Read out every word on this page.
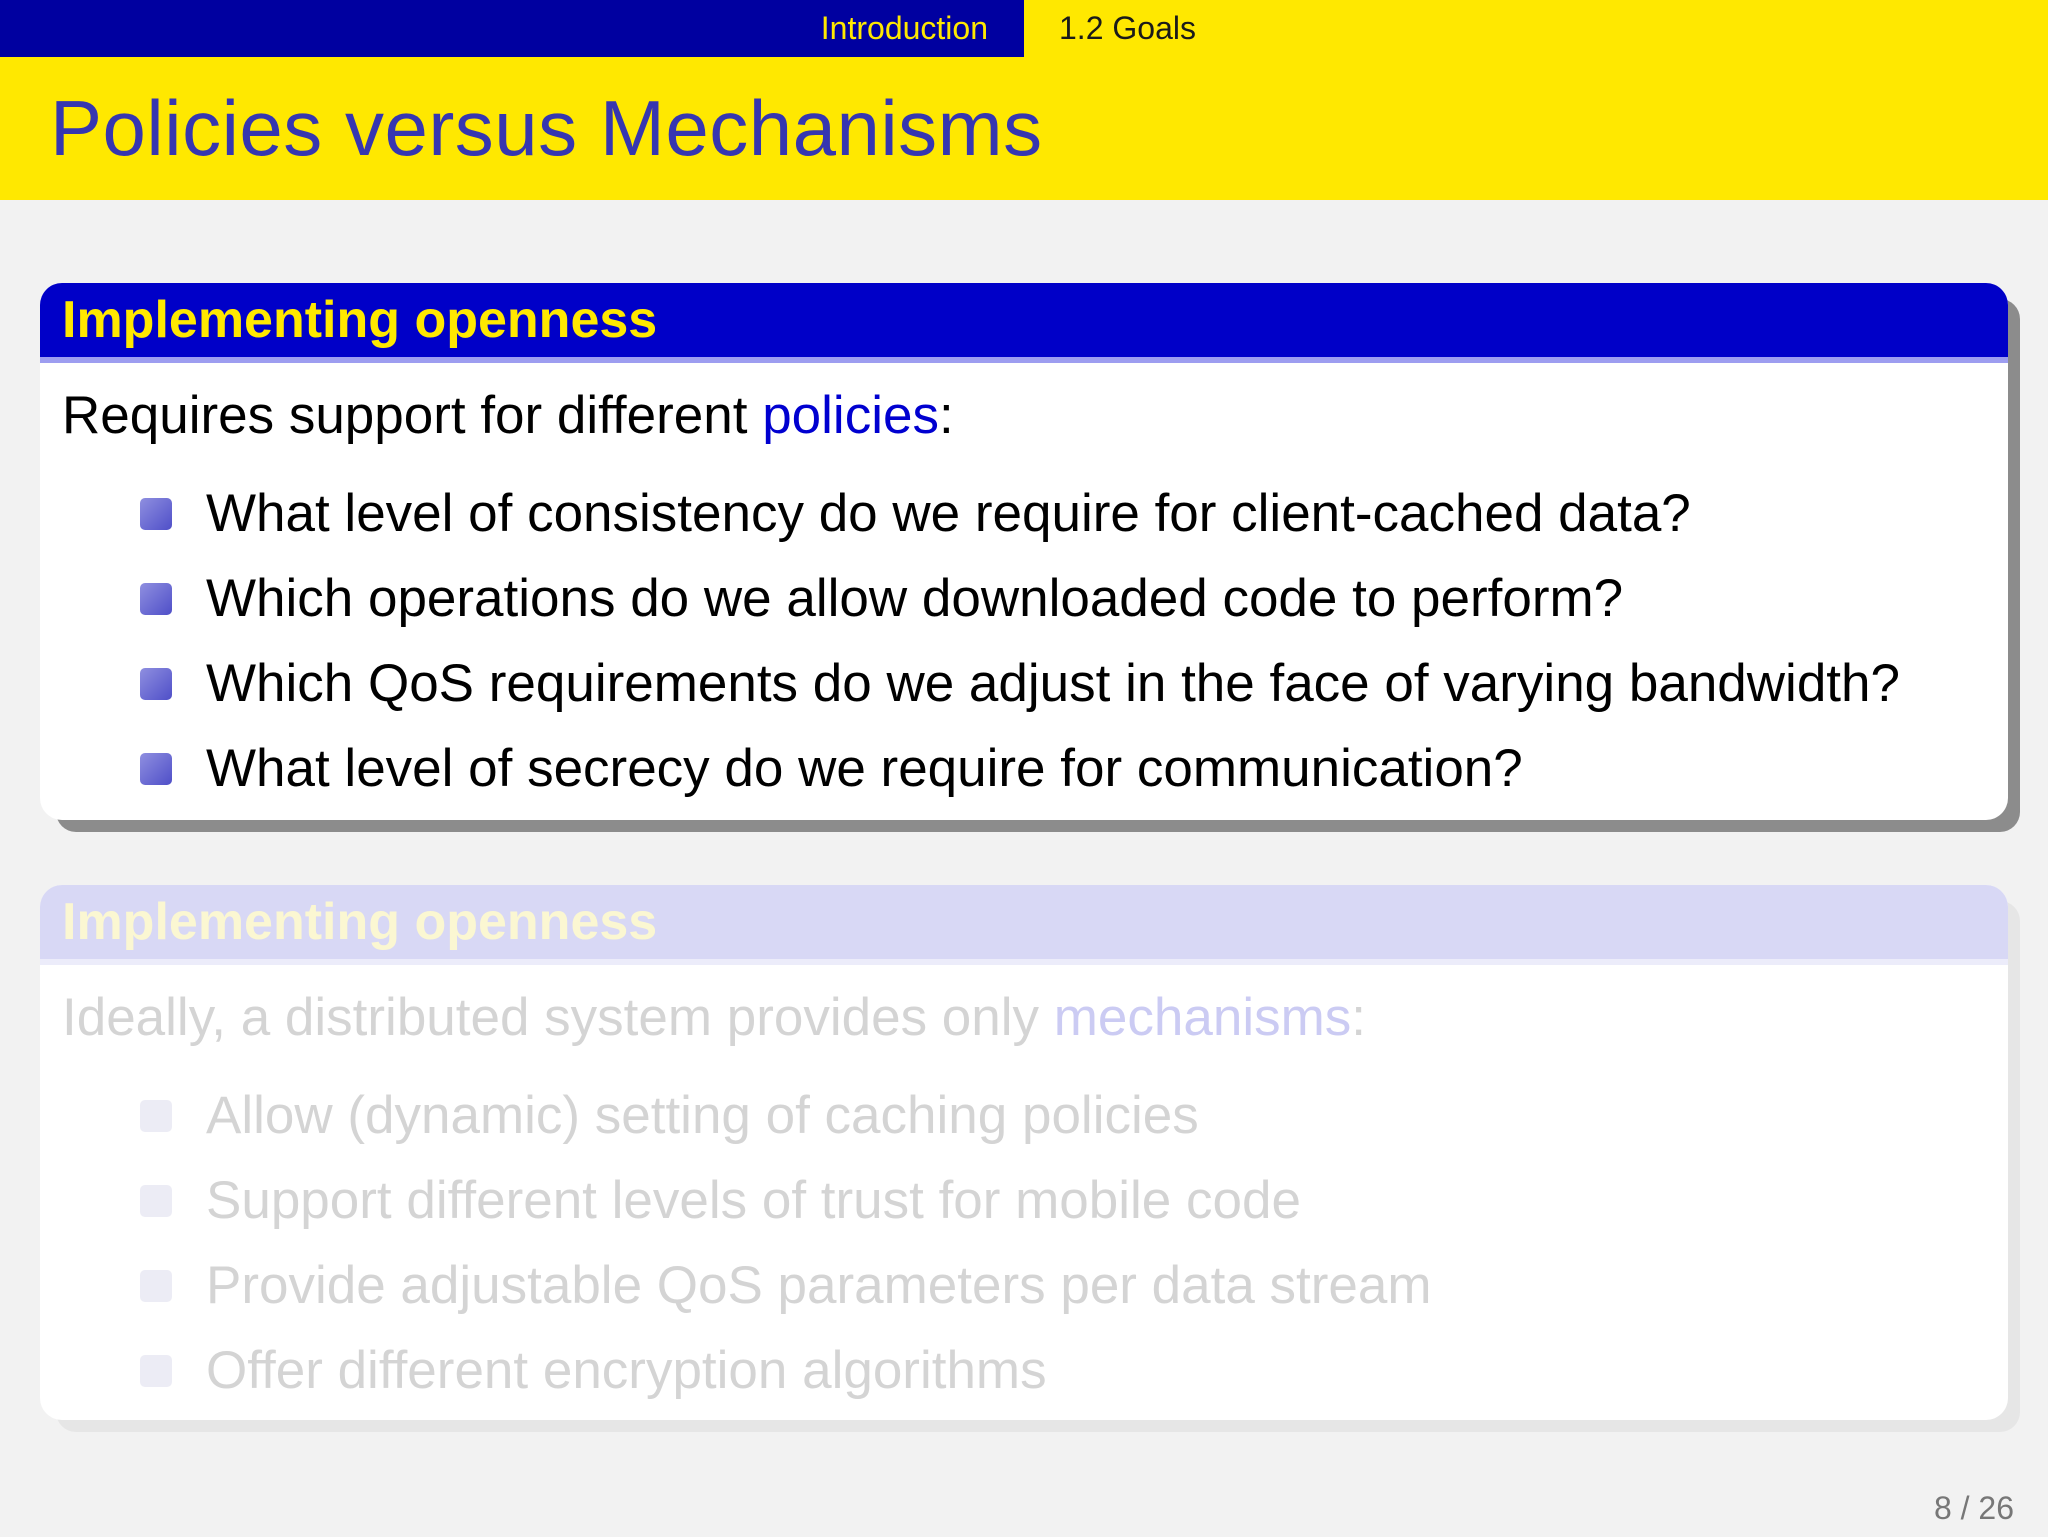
Introduction 1.2 Goals
Policies versus Mechanisms
Implementing openness

Requires support for different policies:

What level of consistency do we require for client-cached data?
Which operations do we allow downloaded code to perform?
Which QoS requirements do we adjust in the face of varying bandwidth?
What level of secrecy do we require for communication?
Implementing openness

Ideally, a distributed system provides only mechanisms:

Allow (dynamic) setting of caching policies
Support different levels of trust for mobile code
Provide adjustable QoS parameters per data stream
Offer different encryption algorithms
8 / 26
